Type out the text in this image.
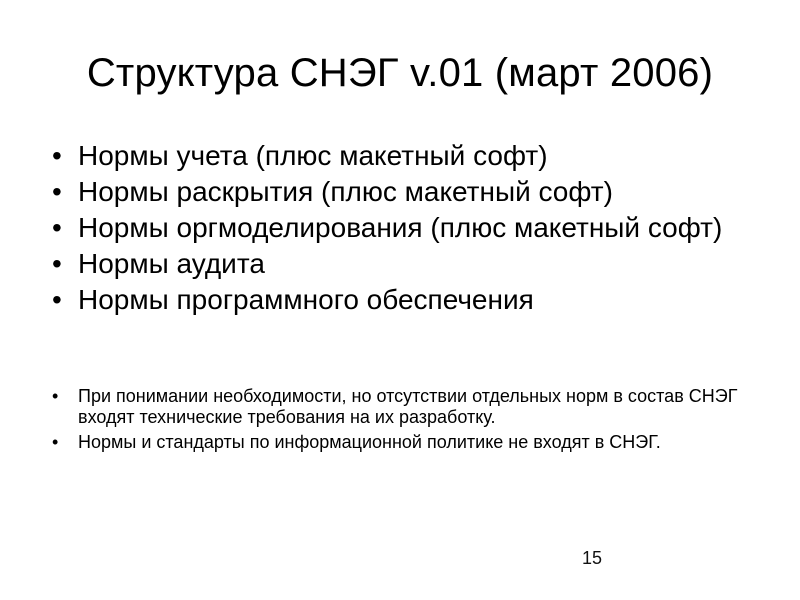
Структура СНЭГ v.01 (март 2006)
• Нормы учета (плюс макетный софт)
• Нормы раскрытия (плюс макетный софт)
• Нормы оргмоделирования (плюс макетный софт)
• Нормы аудита
• Нормы программного обеспечения
• При понимании необходимости, но отсутствии отдельных норм в состав СНЭГ входят технические требования на их разработку.
• Нормы и стандарты по информационной политике не входят в СНЭГ.
15
